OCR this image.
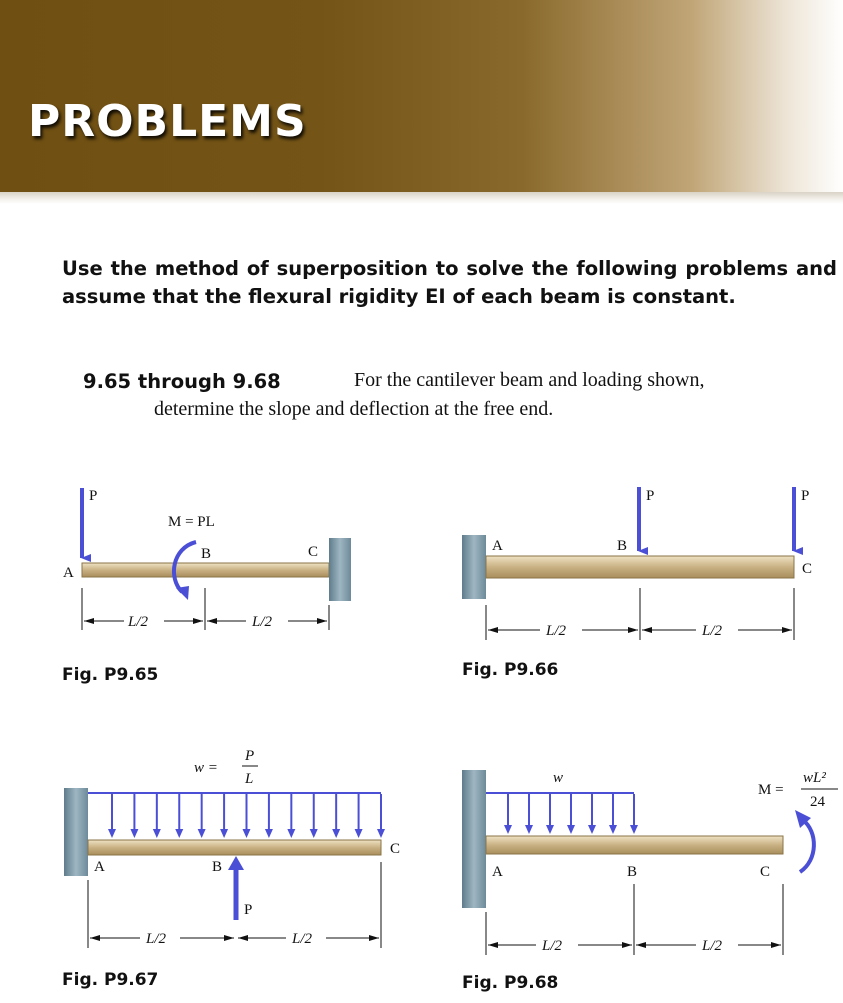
PROBLEMS

Use the method of superposition to solve the following problems and assume that the flexural rigidity EI of each beam is constant.

9.65 through 9.68	For the cantilever beam and loading shown,
determine the slope and deflection at the free end.
P
M = PL
A
B	C
L/2	L/2
P	P
A	B
C
L/2	L/2
w =
P
L
P
A	B
C
L/2	L/2
w
M =
wL²
24
A	B	C
L/2	L/2
Fig. P9.65	Fig. P9.66
Fig. P9.67	Fig. P9.68
